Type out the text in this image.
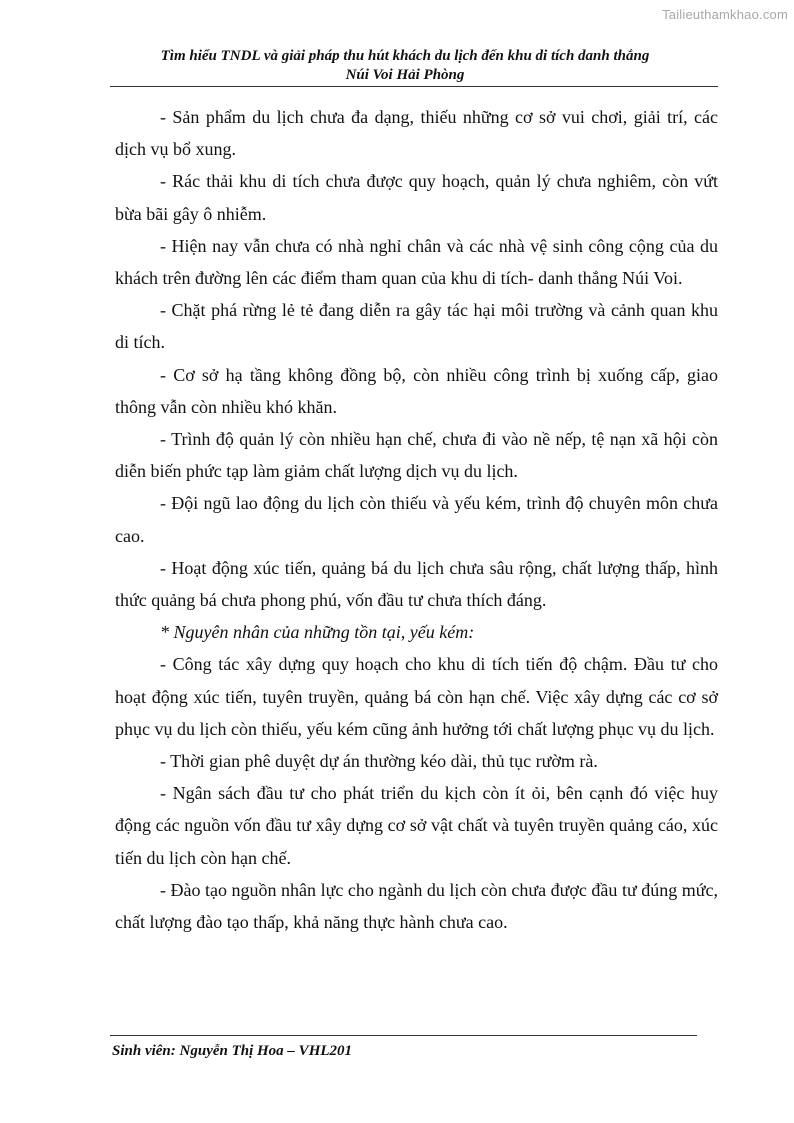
Tailieuthamkhao.com
Tìm hiểu TNDL và giải pháp thu hút khách du lịch đến khu di tích danh thắng
Núi Voi Hải Phòng

- Sản phẩm du lịch chưa đa dạng, thiếu những cơ sở vui chơi, giải trí, các dịch vụ bổ xung.

- Rác thải khu di tích chưa được quy hoạch, quản lý chưa nghiêm, còn vứt bừa bãi gây ô nhiễm.

- Hiện nay vẫn chưa có nhà nghỉ chân và các nhà vệ sinh công cộng của du khách trên đường lên các điểm tham quan của khu di tích- danh thắng Núi Voi.

- Chặt phá rừng lẻ tẻ đang diễn ra gây tác hại môi trường và cảnh quan khu di tích.

- Cơ sở hạ tầng không đồng bộ, còn nhiều công trình bị xuống cấp, giao thông vẫn còn nhiều khó khăn.

- Trình độ quản lý còn nhiều hạn chế, chưa đi vào nề nếp, tệ nạn xã hội còn diễn biến phức tạp làm giảm chất lượng dịch vụ du lịch.

- Đội ngũ lao động du lịch còn thiếu và yếu kém, trình độ chuyên môn chưa cao.

- Hoạt động xúc tiến, quảng bá du lịch chưa sâu rộng, chất lượng thấp, hình thức quảng bá chưa phong phú, vốn đầu tư chưa thích đáng.

* Nguyên nhân của những tồn tại, yếu kém:

- Công tác xây dựng quy hoạch cho khu di tích tiến độ chậm. Đầu tư cho hoạt động xúc tiến, tuyên truyền, quảng bá còn hạn chế. Việc xây dựng các cơ sở phục vụ du lịch còn thiếu, yếu kém cũng ảnh hưởng tới chất lượng phục vụ du lịch.

- Thời gian phê duyệt dự án thường kéo dài, thủ tục rườm rà.

- Ngân sách đầu tư cho phát triển du kịch còn ít ỏi, bên cạnh đó việc huy động các nguồn vốn đầu tư xây dựng cơ sở vật chất và tuyên truyền quảng cáo, xúc tiến du lịch còn hạn chế.

- Đào tạo nguồn nhân lực cho ngành du lịch còn chưa được đầu tư đúng mức, chất lượng đào tạo thấp, khả năng thực hành chưa cao.

Sinh viên: Nguyễn Thị Hoa – VHL201
